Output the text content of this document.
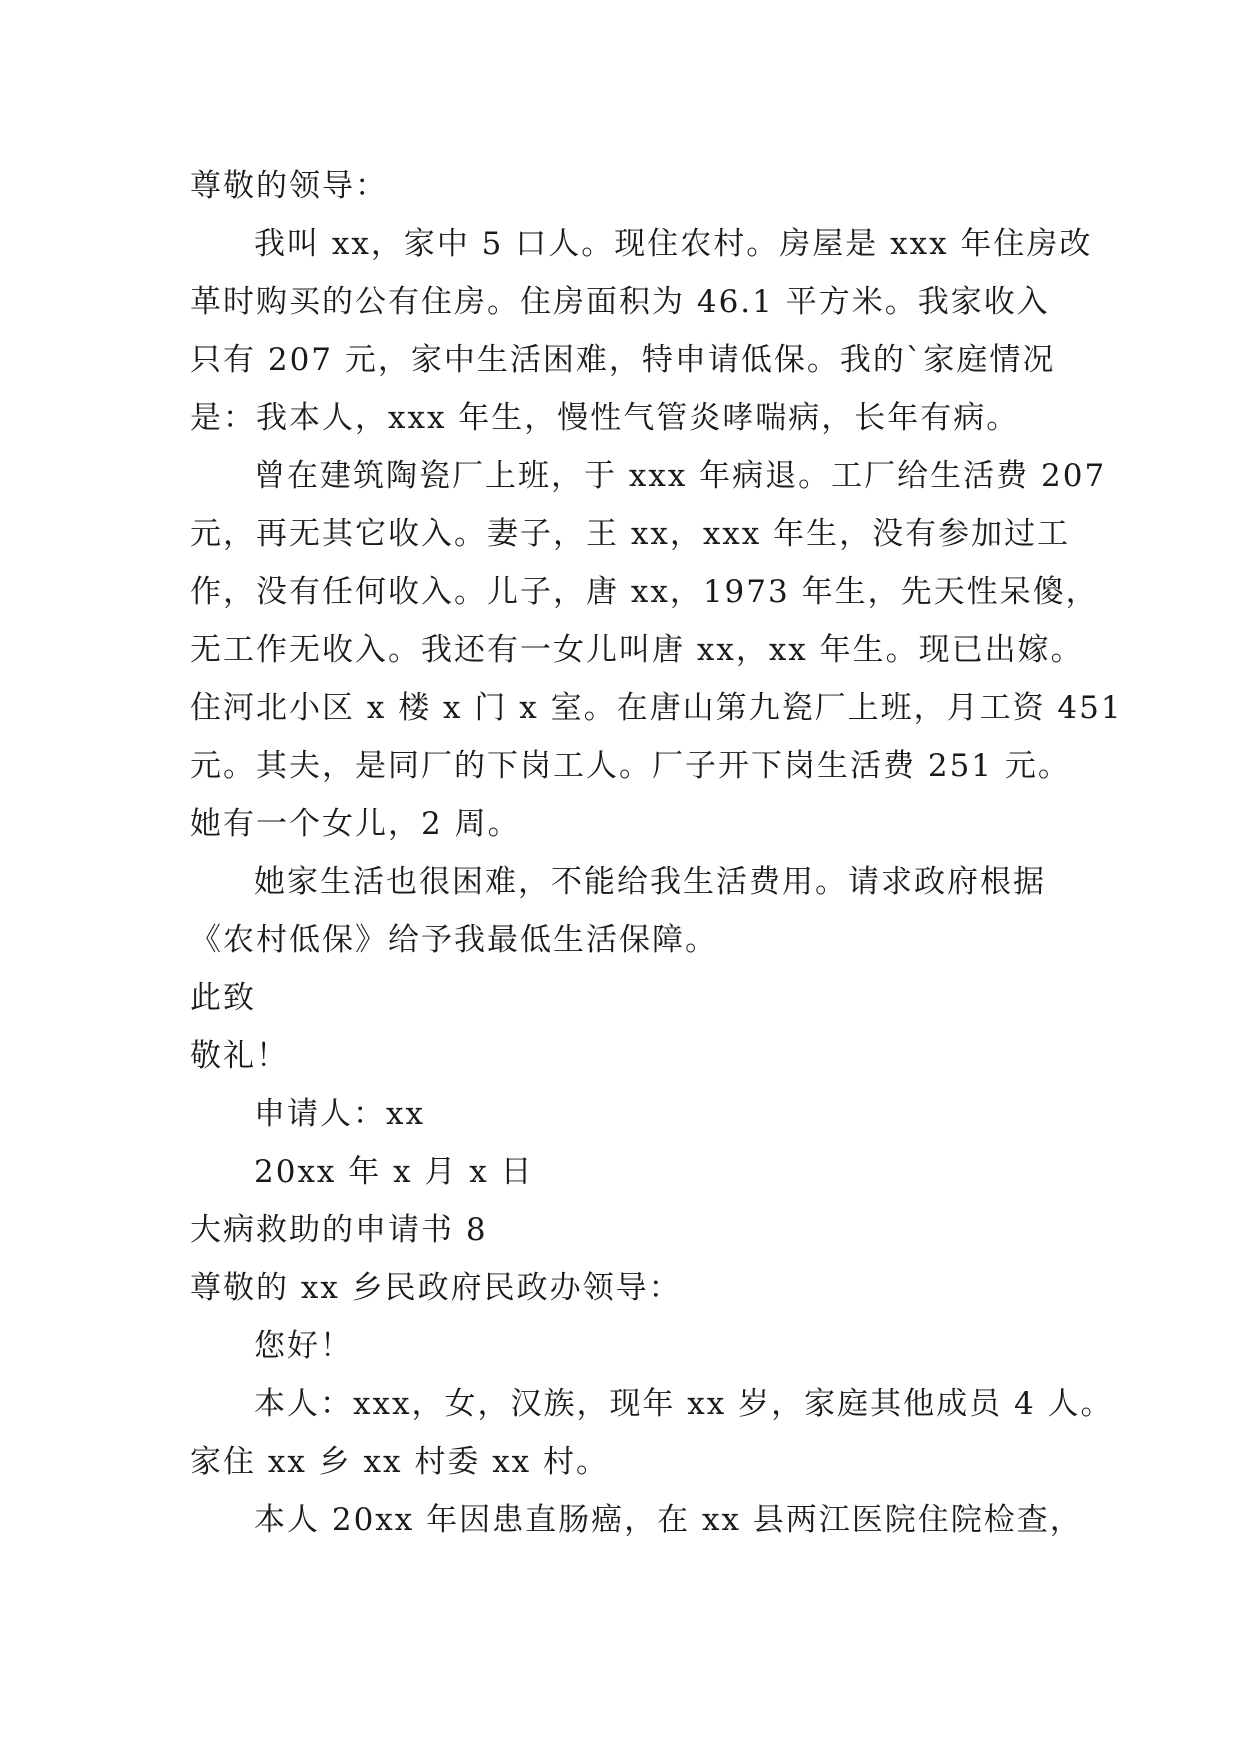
尊敬的领导：

我叫 xx，家中 5 口人。现住农村。房屋是 xxx 年住房改

革时购买的公有住房。住房面积为 46.1 平方米。我家收入

只有 207 元，家中生活困难，特申请低保。我的`家庭情况

是：我本人，xxx 年生，慢性气管炎哮喘病，长年有病。

曾在建筑陶瓷厂上班，于 xxx 年病退。工厂给生活费 207

元，再无其它收入。妻子，王 xx，xxx 年生，没有参加过工

作，没有任何收入。儿子，唐 xx，1973 年生，先天性呆傻，

无工作无收入。我还有一女儿叫唐 xx，xx 年生。现已出嫁。

住河北小区 x 楼 x 门 x 室。在唐山第九瓷厂上班，月工资 451

元。其夫，是同厂的下岗工人。厂子开下岗生活费 251 元。

她有一个女儿，2 周。

她家生活也很困难，不能给我生活费用。请求政府根据

《农村低保》给予我最低生活保障。

此致

敬礼！

申请人：xx

20xx 年 x 月 x 日

大病救助的申请书 8

尊敬的 xx 乡民政府民政办领导：

您好！

本人：xxx，女，汉族，现年 xx 岁，家庭其他成员 4 人。

家住 xx 乡 xx 村委 xx 村。

本人 20xx 年因患直肠癌，在 xx 县两江医院住院检查，
